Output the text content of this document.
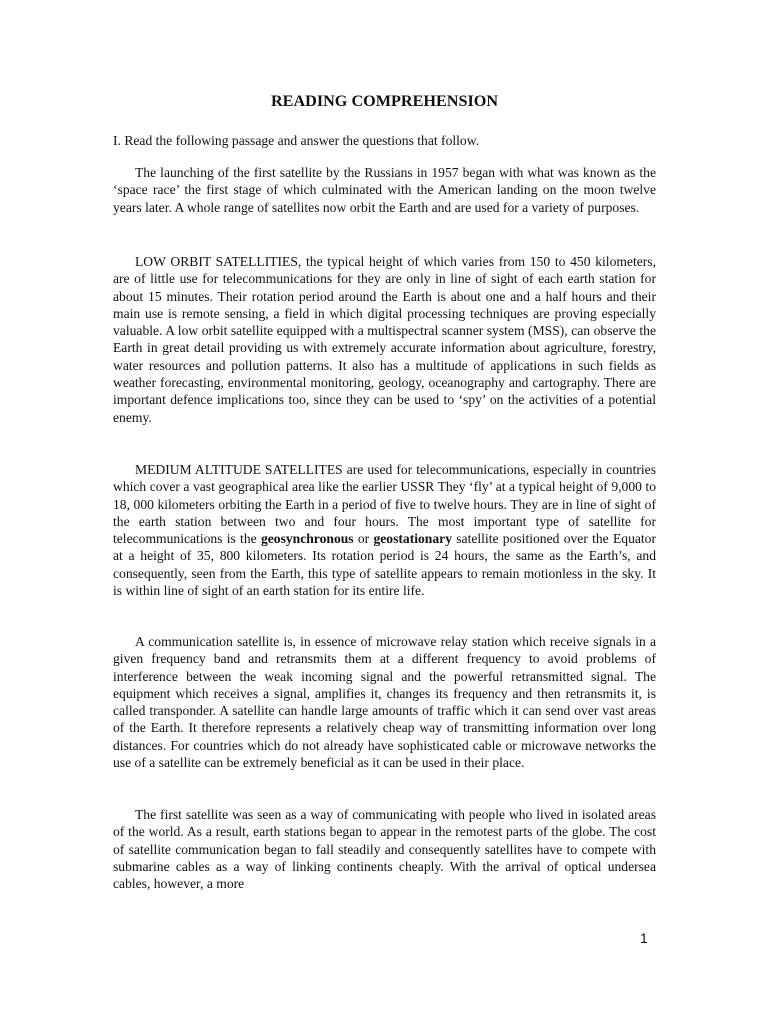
READING COMPREHENSION

I. Read the following passage and answer the questions that follow.

The launching of the first satellite by the Russians in 1957 began with what was known as the ‘space race’ the first stage of which culminated with the American landing on the moon twelve years later. A whole range of satellites now orbit the Earth and are used for a variety of purposes.

LOW ORBIT SATELLITIES, the typical height of which varies from 150 to 450 kilometers, are of little use for telecommunications for they are only in line of sight of each earth station for about 15 minutes. Their rotation period around the Earth is about one and a half hours and their main use is remote sensing, a field in which digital processing techniques are proving especially valuable. A low orbit satellite equipped with a multispectral scanner system (MSS), can observe the Earth in great detail providing us with extremely accurate information about agriculture, forestry, water resources and pollution patterns. It also has a multitude of applications in such fields as weather forecasting, environmental monitoring, geology, oceanography and cartography. There are important defence implications too, since they can be used to ‘spy’ on the activities of a potential enemy.

MEDIUM ALTITUDE SATELLITES are used for telecommunications, especially in countries which cover a vast geographical area like the earlier USSR They ‘fly’ at a typical height of 9,000 to 18, 000 kilometers orbiting the Earth in a period of five to twelve hours. They are in line of sight of the earth station between two and four hours. The most important type of satellite for telecommunications is the geosynchronous or geostationary satellite positioned over the Equator at a height of 35, 800 kilometers. Its rotation period is 24 hours, the same as the Earth’s, and consequently, seen from the Earth, this type of satellite appears to remain motionless in the sky. It is within line of sight of an earth station for its entire life.

A communication satellite is, in essence of microwave relay station which receive signals in a given frequency band and retransmits them at a different frequency to avoid problems of interference between the weak incoming signal and the powerful retransmitted signal. The equipment which receives a signal, amplifies it, changes its frequency and then retransmits it, is called transponder. A satellite can handle large amounts of traffic which it can send over vast areas of the Earth. It therefore represents a relatively cheap way of transmitting information over long distances. For countries which do not already have sophisticated cable or microwave networks the use of a satellite can be extremely beneficial as it can be used in their place.

The first satellite was seen as a way of communicating with people who lived in isolated areas of the world. As a result, earth stations began to appear in the remotest parts of the globe. The cost of satellite communication began to fall steadily and consequently satellites have to compete with submarine cables as a way of linking continents cheaply. With the arrival of optical undersea cables, however, a more

1
